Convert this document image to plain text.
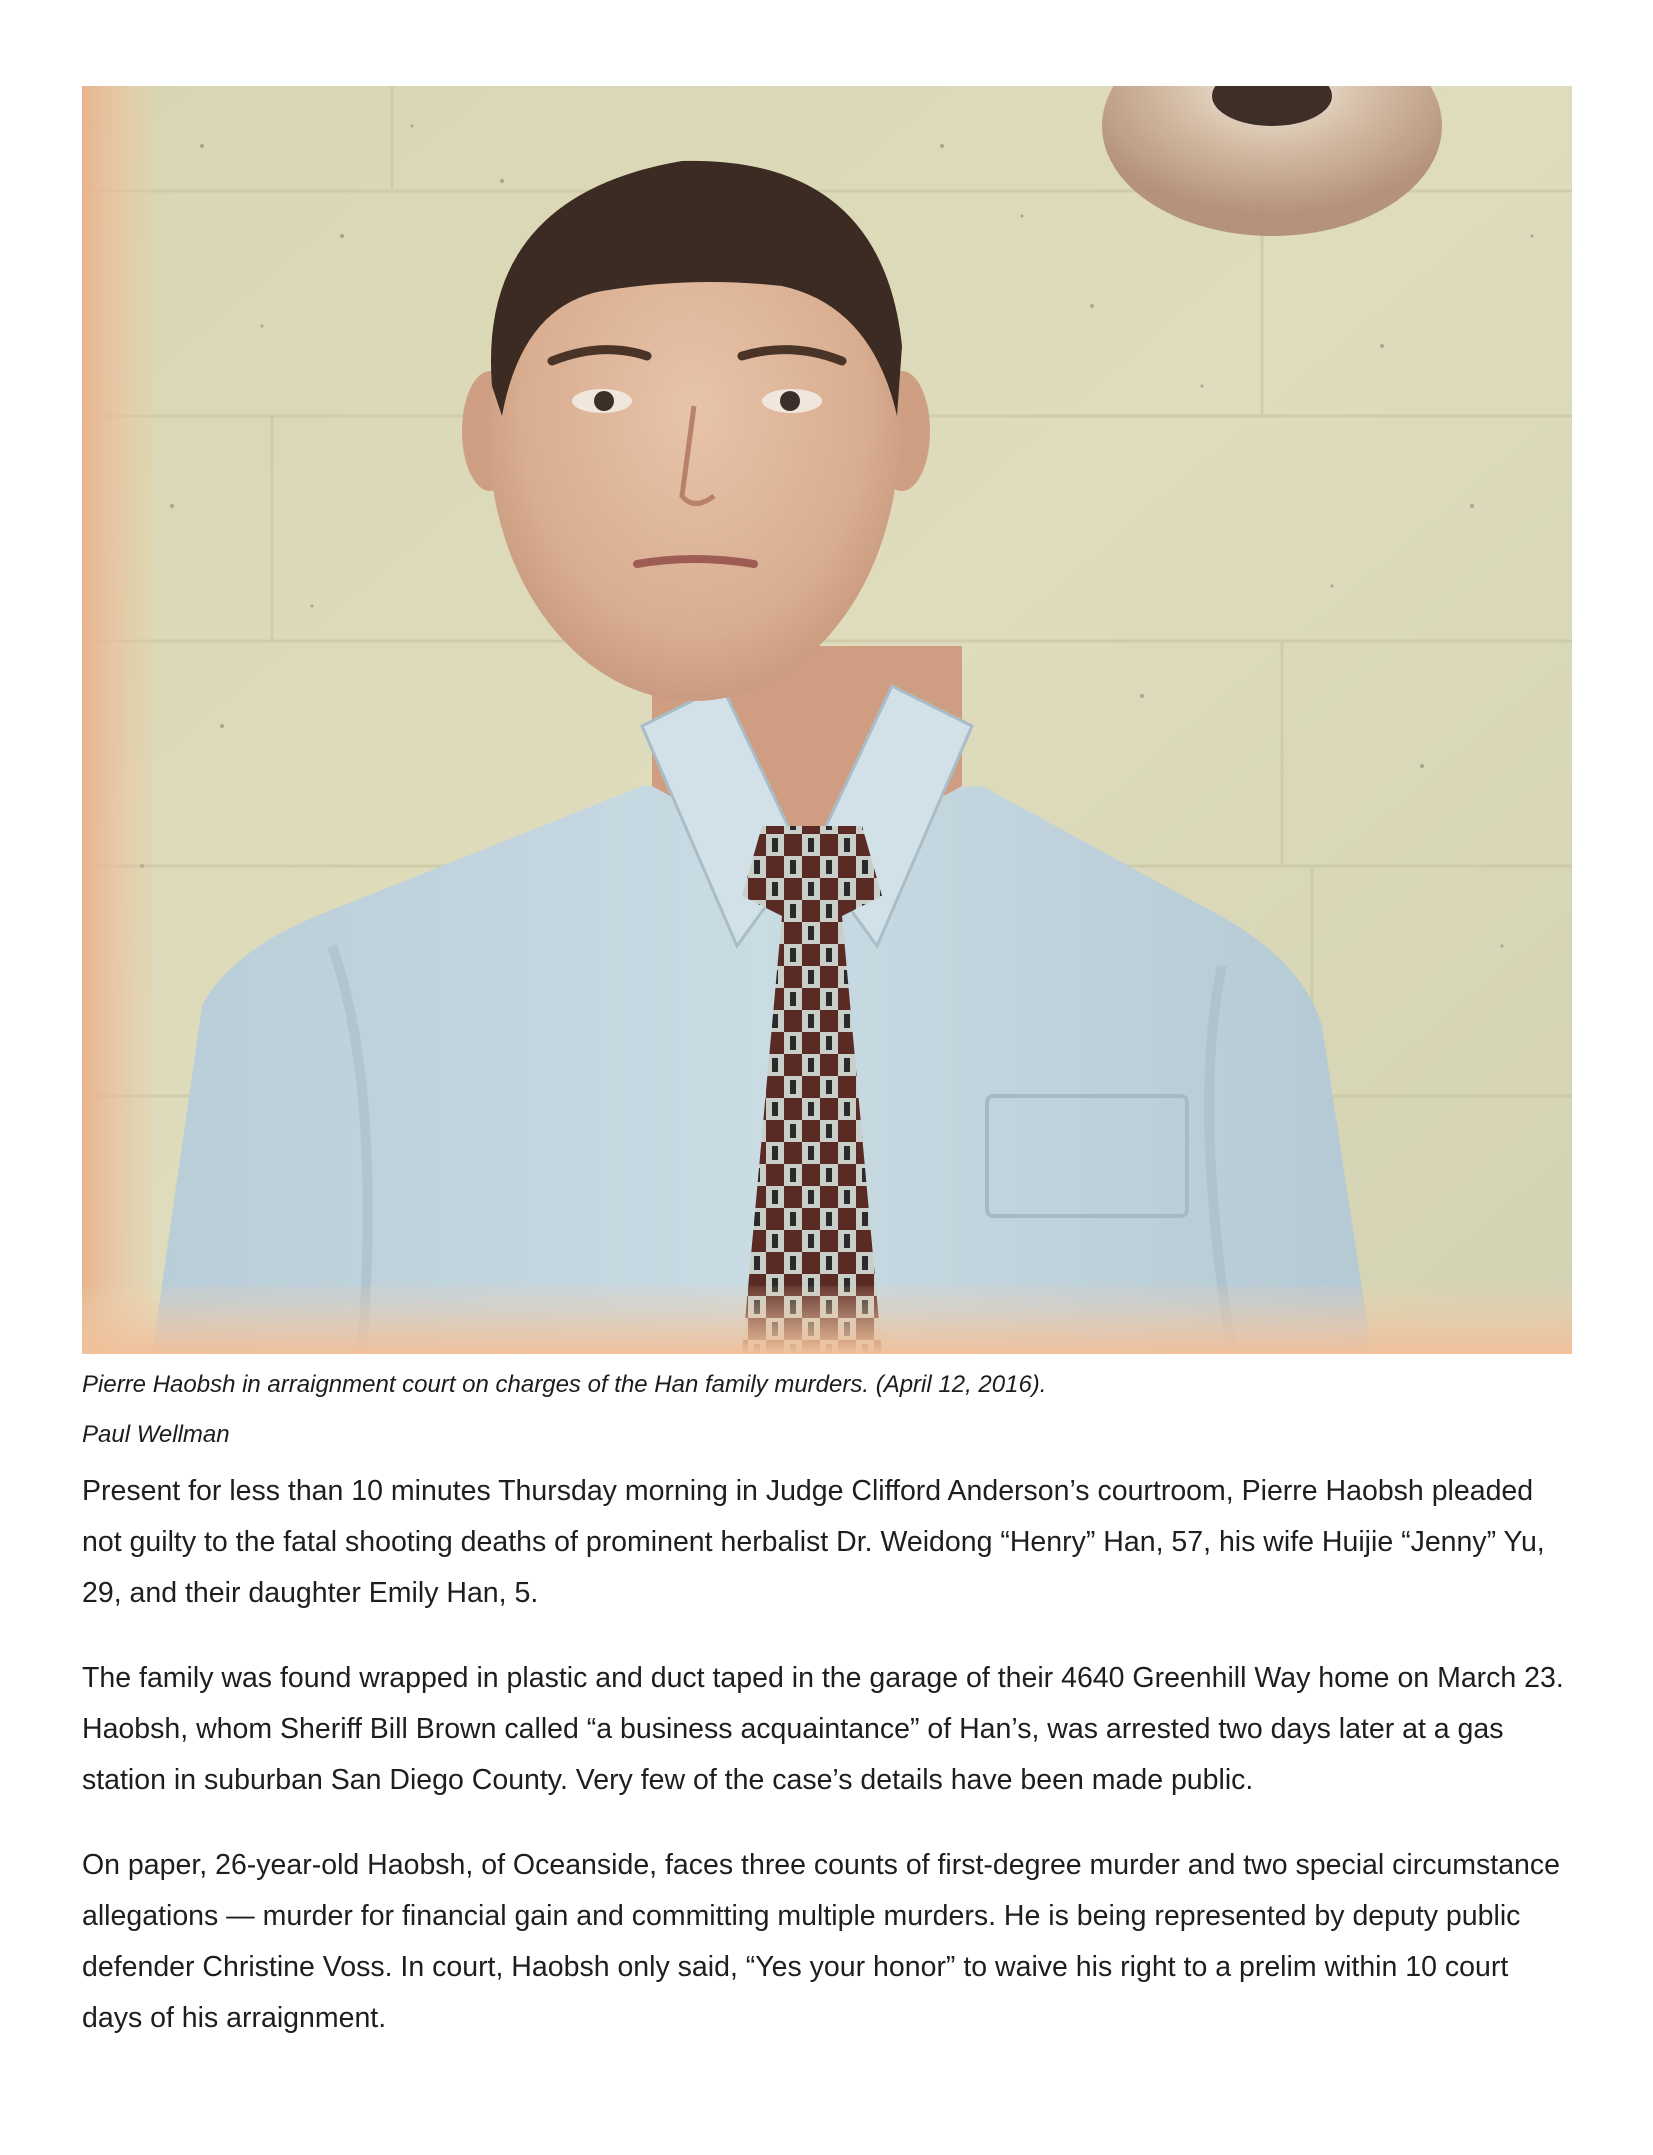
Pierre Haobsh in arraignment court on charges of the Han family murders. (April 12, 2016).
Paul Wellman

Present for less than 10 minutes Thursday morning in Judge Clifford Anderson’s courtroom, Pierre Haobsh pleaded not guilty to the fatal shooting deaths of prominent herbalist Dr. Weidong “Henry” Han, 57, his wife Huijie “Jenny” Yu, 29, and their daughter Emily Han, 5.

The family was found wrapped in plastic and duct taped in the garage of their 4640 Greenhill Way home on March 23. Haobsh, whom Sheriff Bill Brown called “a business acquaintance” of Han’s, was arrested two days later at a gas station in suburban San Diego County. Very few of the case’s details have been made public.

On paper, 26-year-old Haobsh, of Oceanside, faces three counts of first-degree murder and two special circumstance allegations — murder for financial gain and committing multiple murders. He is being represented by deputy public defender Christine Voss. In court, Haobsh only said, “Yes your honor” to waive his right to a prelim within 10 court days of his arraignment.
